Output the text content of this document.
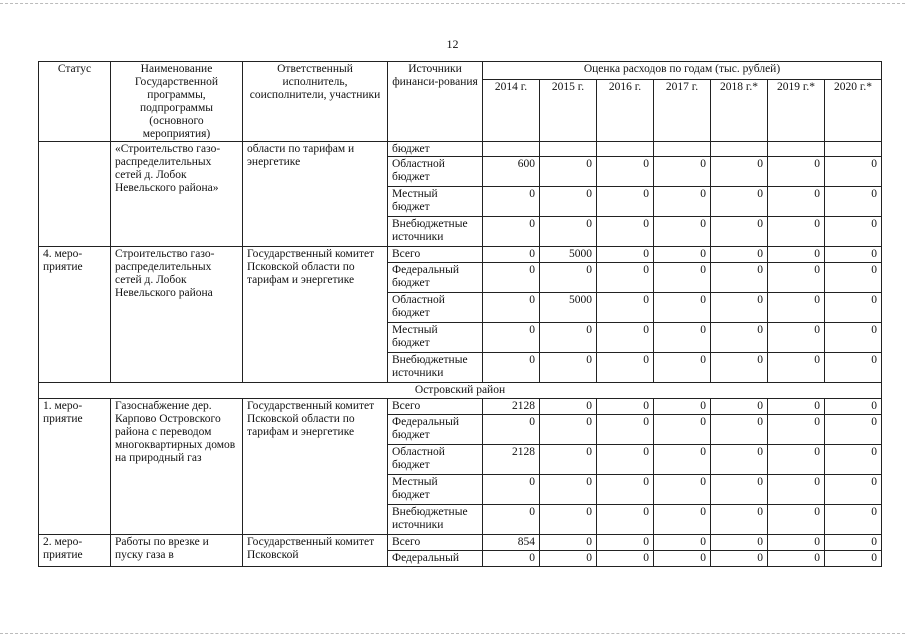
12
Статус	Наименование Государственной программы, подпрограммы (основного мероприятия)	Ответственный исполнитель, соисполнители, участники	Источники финанси-рования	Оценка расходов по годам (тыс. рублей)						
				2014 г.	2015 г.	2016 г.	2017 г.	2018 г.*	2019 г.*	2020 г.*
	«Строительство газо-распределительных сетей д. Лобок Невельского района»	области по тарифам и энергетике	бюджет							
			Областной бюджет	600	0	0	0	0	0	0
			Местный бюджет	0	0	0	0	0	0	0
			Внебюджетные источники	0	0	0	0	0	0	0
4. меро-приятие	Строительство газо-распределительных сетей д. Лобок Невельского района	Государственный комитет Псковской области по тарифам и энергетике	Всего	0	5000	0	0	0	0	0
			Федеральный бюджет	0	0	0	0	0	0	0
			Областной бюджет	0	5000	0	0	0	0	0
			Местный бюджет	0	0	0	0	0	0	0
			Внебюджетные источники	0	0	0	0	0	0	0
Островский район										
1. меро-приятие	Газоснабжение дер. Карпово Островского района с переводом многоквартирных домов на природный газ	Государственный комитет Псковской области по тарифам и энергетике	Всего	2128	0	0	0	0	0	0
			Федеральный бюджет	0	0	0	0	0	0	0
			Областной бюджет	2128	0	0	0	0	0	0
			Местный бюджет	0	0	0	0	0	0	0
			Внебюджетные источники	0	0	0	0	0	0	0
2. меро-приятие	Работы по врезке и пуску газа в	Государственный комитет Псковской	Всего	854	0	0	0	0	0	0
			Федеральный	0	0	0	0	0	0	0
